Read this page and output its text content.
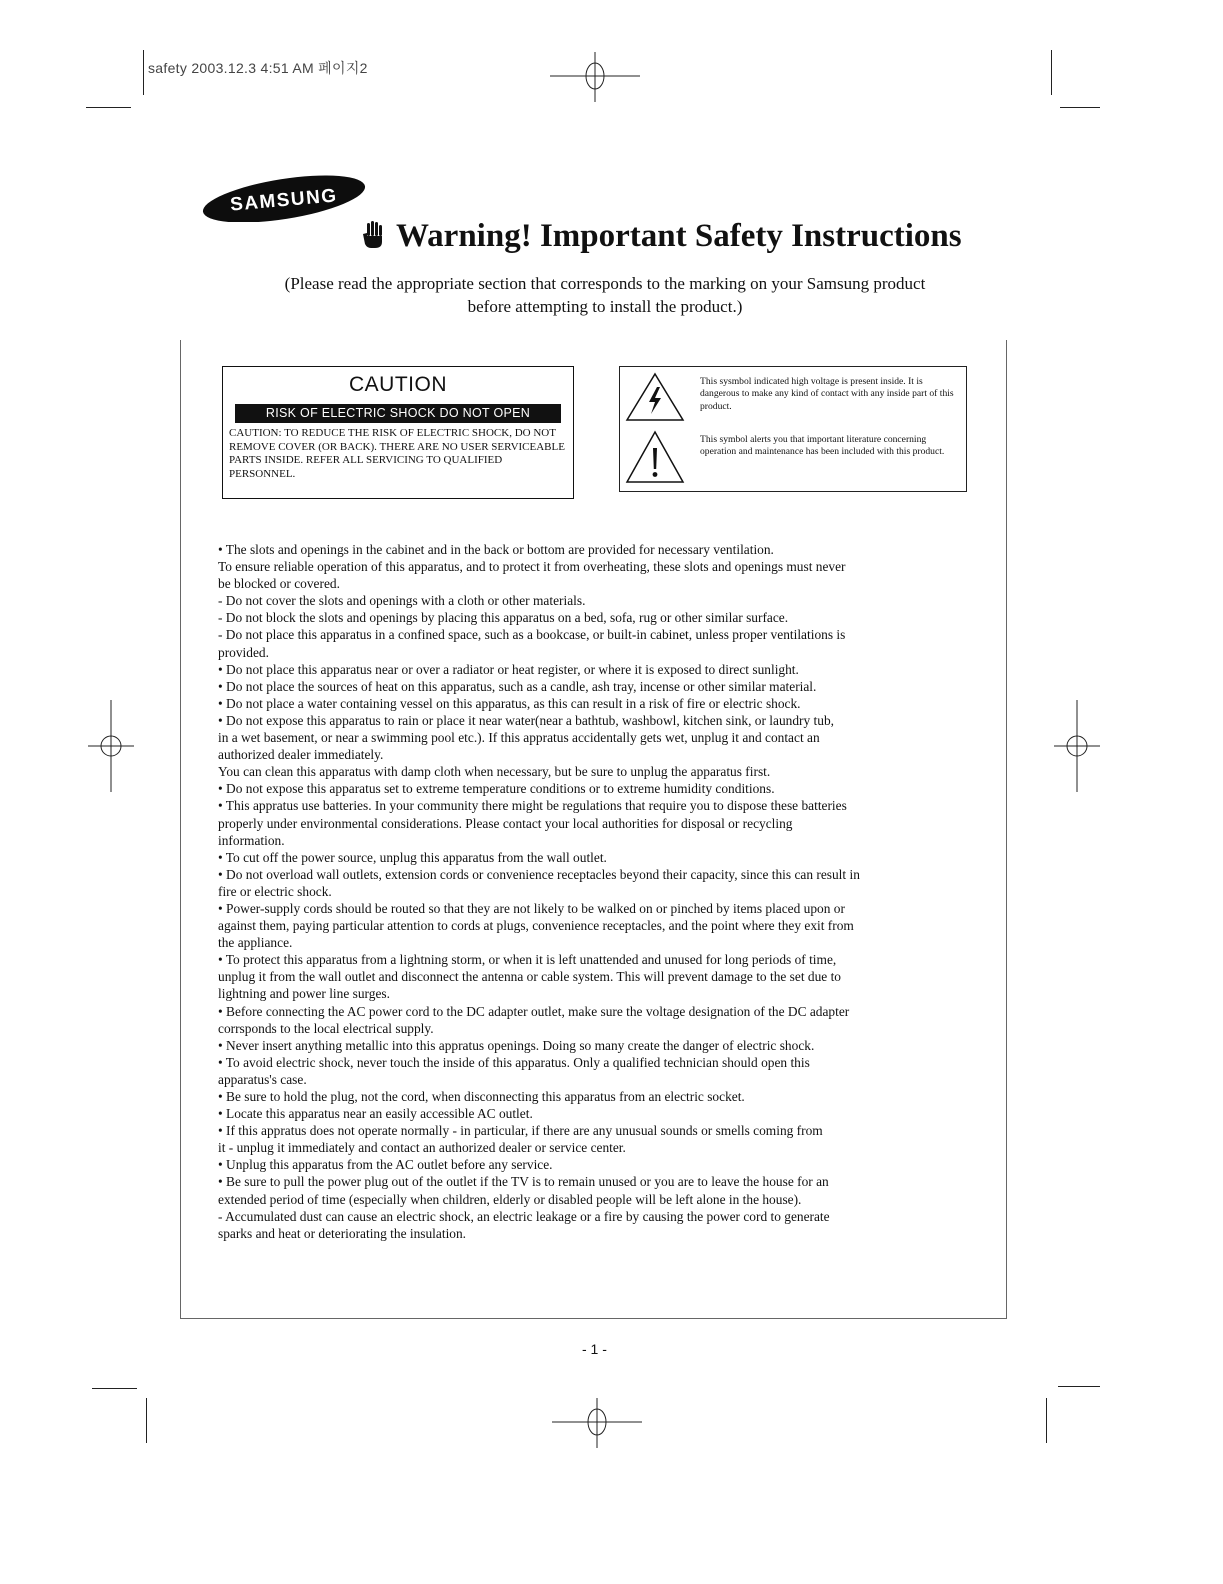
safety 2003.12.3 4:51 AM 페이지2
SAMSUNG
Warning! Important Safety Instructions
(Please read the appropriate section that corresponds to the marking on your Samsung product
before attempting to install the product.)
CAUTION
RISK OF ELECTRIC SHOCK DO NOT OPEN
CAUTION: TO REDUCE THE RISK OF ELECTRIC SHOCK, DO NOT REMOVE COVER (OR BACK). THERE ARE NO USER SERVICEABLE PARTS INSIDE. REFER ALL SERVICING TO QUALIFIED PERSONNEL.
This sysmbol indicated high voltage is present inside. It is dangerous to make any kind of contact with any inside part of this product.
This symbol alerts you that important literature concerning operation and maintenance has been included with this product.
• The slots and openings in the cabinet and in the back or bottom are provided for necessary ventilation.
To ensure reliable operation of this apparatus, and to protect it from overheating, these slots and openings must never
be blocked or covered.
- Do not cover the slots and openings with a cloth or other materials.
- Do not block the slots and openings by placing this apparatus on a bed, sofa, rug or other similar surface.
- Do not place this apparatus in a confined space, such as a bookcase, or built-in cabinet, unless proper ventilations is
provided.
• Do not place this apparatus near or over a radiator or heat register, or where it is exposed to direct sunlight.
• Do not place the sources of heat on this apparatus, such as a candle, ash tray, incense or other similar material.
• Do not place a water containing vessel on this apparatus, as this can result in a risk of fire or electric shock.
• Do not expose this apparatus to rain or place it near water(near a bathtub, washbowl, kitchen sink, or laundry tub,
in a wet basement, or near a swimming pool etc.). If this appratus accidentally gets wet, unplug it and contact an
authorized dealer immediately.
You can clean this apparatus with damp cloth when necessary, but be sure to unplug the apparatus first.
• Do not expose this apparatus set to extreme temperature conditions or to extreme humidity conditions.
• This appratus use batteries. In your community there might be regulations that require you to dispose these batteries
properly under environmental considerations. Please contact your local authorities for disposal or recycling
information.
• To cut off the power source, unplug this apparatus from the wall outlet.
• Do not overload wall outlets, extension cords or convenience receptacles beyond their capacity, since this can result in
fire or electric shock.
• Power-supply cords should be routed so that they are not likely to be walked on or pinched by items placed upon or
against them, paying particular attention to cords at plugs, convenience receptacles, and the point where they exit from
the appliance.
• To protect this apparatus from a lightning storm, or when it is left unattended and unused for long periods of time,
unplug it from the wall outlet and disconnect the antenna or cable system. This will prevent damage to the set due to
lightning and power line surges.
• Before connecting the AC power cord to the DC adapter outlet, make sure the voltage designation of the DC adapter
corrsponds to the local electrical supply.
• Never insert anything metallic into this appratus openings. Doing so many create the danger of electric shock.
• To avoid electric shock, never touch the inside of this apparatus. Only a qualified technician should open this
apparatus's case.
• Be sure to hold the plug, not the cord, when disconnecting this apparatus from an electric socket.
• Locate this apparatus near an easily accessible AC outlet.
• If this appratus does not operate normally - in particular, if there are any unusual sounds or smells coming from
it - unplug it immediately and contact an authorized dealer or service center.
• Unplug this apparatus from the AC outlet before any service.
• Be sure to pull the power plug out of the outlet if the TV is to remain unused or you are to leave the house for an
extended period of time (especially when children, elderly or disabled people will be left alone in the house).
- Accumulated dust can cause an electric shock, an electric leakage or a fire by causing the power cord to generate
sparks and heat or deteriorating the insulation.
- 1 -
